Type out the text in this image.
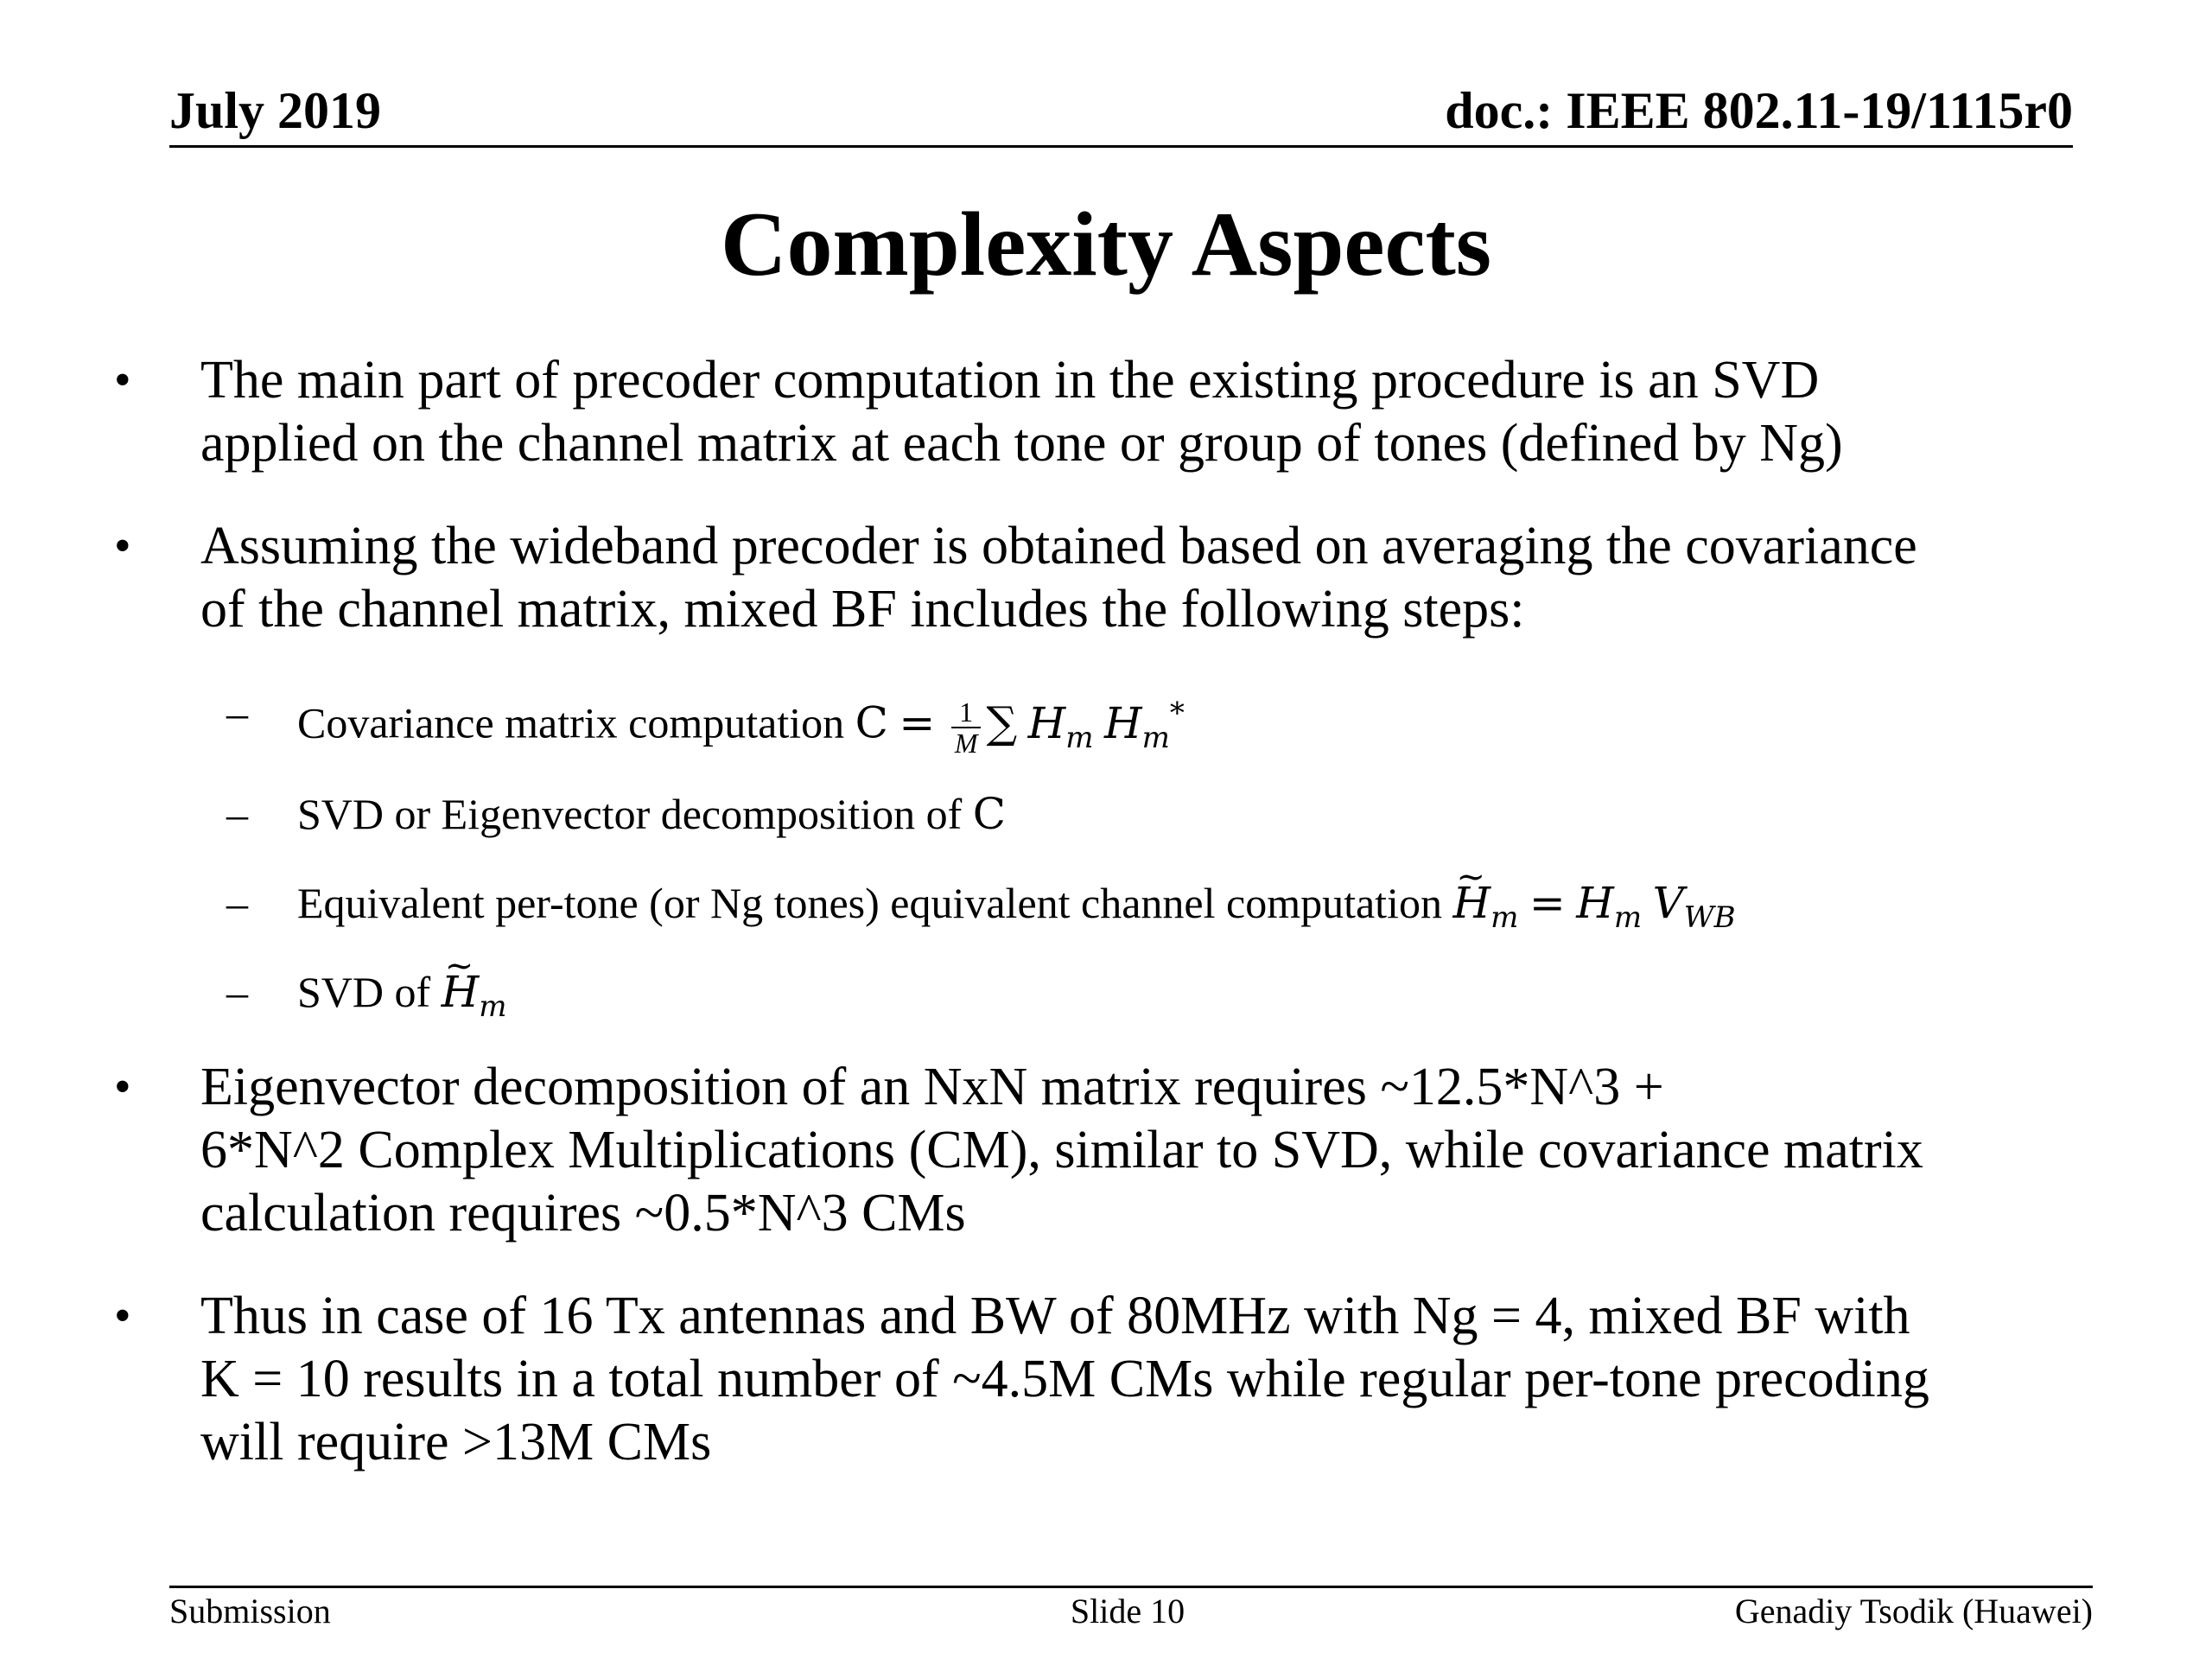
July 2019	doc.: IEEE 802.11-19/1115r0
Complexity Aspects
• The main part of precoder computation in the existing procedure is an SVD
applied on the channel matrix at each tone or group of tones (defined by Ng)
• Assuming the wideband precoder is obtained based on averaging the covariance
of the channel matrix, mixed BF includes the following steps:
– Covariance matrix computation $C = \frac{1}{M}$ ∑ $H_m$ $H_m^*$
– SVD or Eigenvector decomposition of C
– Equivalent per-tone (or Ng tones) equivalent channel computation ~ $H_m = H_m$ $V_{WB}$
– SVD of ~ $H_m$
• Eigenvector decomposition of an NxN matrix requires ~12.5*N^3 +
6*N^2 Complex Multiplications (CM), similar to SVD, while covariance matrix
calculation requires ~0.5*N^3 CMs
• Thus in case of 16 Tx antennas and BW of 80MHz with Ng = 4, mixed BF with
K = 10 results in a total number of ~4.5M CMs while regular per-tone precoding
will require >13M CMs
Submission	Slide 10	Genadiy Tsodik (Huawei)
